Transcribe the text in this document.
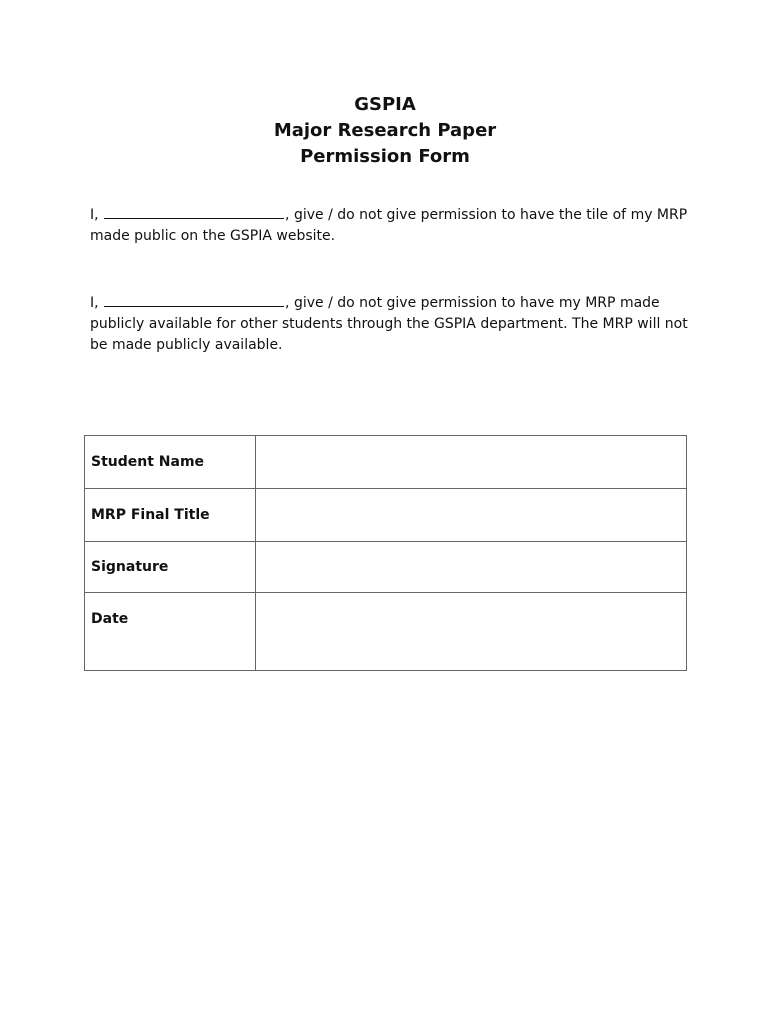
GSPIA
Major Research Paper
Permission Form
I,	, give / do not give permission to have the tile of my MRP made public on the GSPIA website.
I,	, give / do not give permission to have my MRP made publicly available for other students through the GSPIA department. The MRP will not be made publicly available.
Student Name	
MRP Final Title	
Signature	
Date	
